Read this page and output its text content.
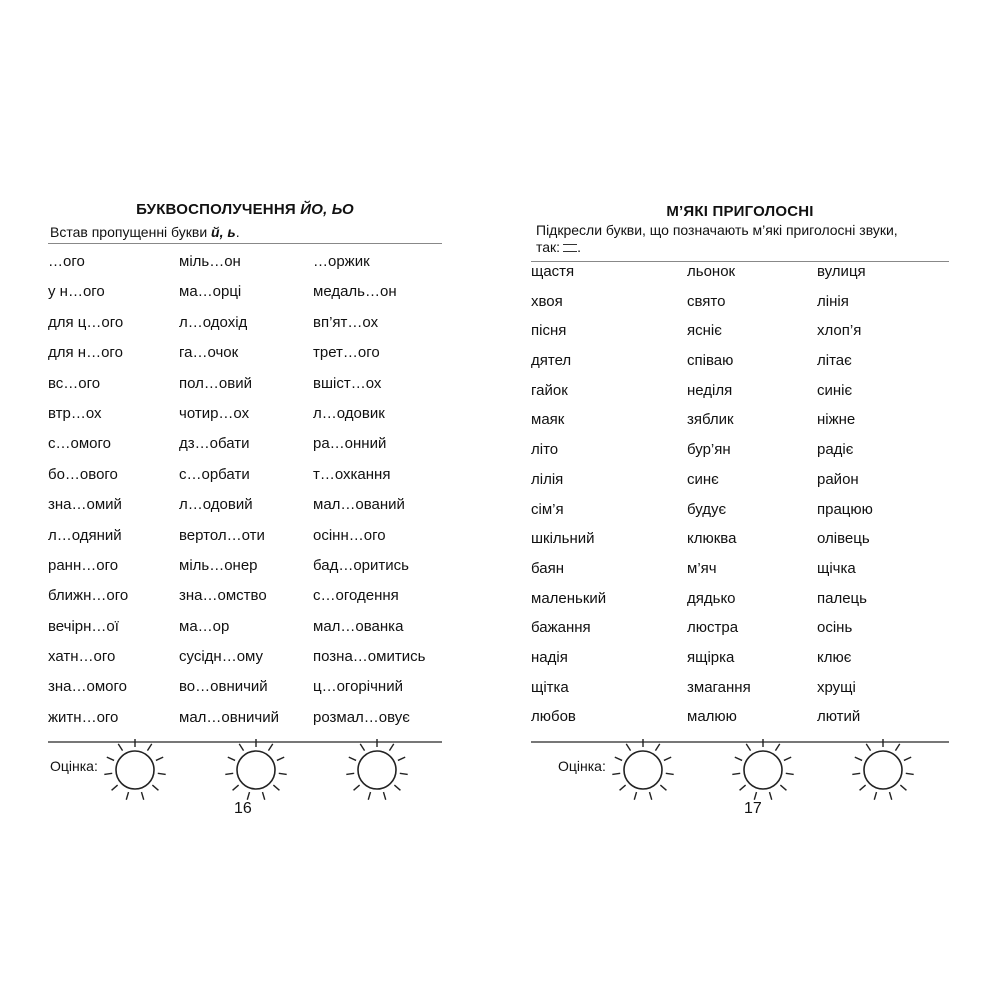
БУКВОСПОЛУЧЕННЯ ЙО, ЬО
Встав пропущенні букви й, ь.
…ого	міль…он	…оржик
у н…ого	ма…орці	медаль…он
для ц…ого	л…одохід	вп’ят…ох
для н…ого	га…очок	трет…ого
вс…ого	пол…овий	вшіст…ох
втр…ох	чотир…ох	л…одовик
с…омого	дз…обати	ра…онний
бо…ового	с…орбати	т…охкання
зна…омий	л…одовий	мал…ований
л…одяний	вертол…оти	осінн…ого
ранн…ого	міль…онер	бад…оритись
ближн…ого	зна…омство	с…огодення
вечірн…ої	ма…ор	мал…ованка
хатн…ого	сусідн…ому	позна…омитись
зна…омого	во…овничий	ц…огорічний
житн…ого	мал…овничий	розмал…овує
Оцінка:
16
М’ЯКІ ПРИГОЛОСНІ
Підкресли букви, що позначають м’які приголосні звуки,
так: .
щастя	льонок	вулиця
хвоя	свято	лінія
пісня	ясніє	хлоп’я
дятел	співаю	літає
гайок	неділя	синіє
маяк	зяблик	ніжне
літо	бур’ян	радіє
лілія	синє	район
сім’я	будує	працюю
шкільний	клюква	олівець
баян	м’яч	щічка
маленький	дядько	палець
бажання	люстра	осінь
надія	ящірка	клює
щітка	змагання	хрущі
любов	малюю	лютий
Оцінка:
17
